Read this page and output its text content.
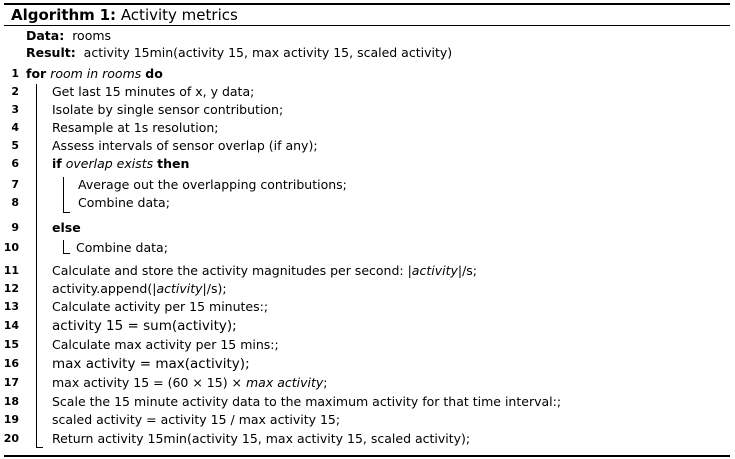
Algorithm 1: Activity metrics
Data: rooms
Result: activity 15min(activity 15, max activity 15, scaled activity)
1 for room in rooms do
2	Get last 15 minutes of x, y data;
3	Isolate by single sensor contribution;
4	Resample at 1s resolution;
5	Assess intervals of sensor overlap (if any);
6	if overlap exists then
7	Average out the overlapping contributions;
8	Combine data;
9	else
10	Combine data;
11	Calculate and store the activity magnitudes per second: |activity|/s;
12	activity.append(|activity|/s);
13	Calculate activity per 15 minutes:;
14 activity 15 = sum(activity);
15	Calculate max activity per 15 mins:;
16 max activity = max(activity);
17	max activity 15 = (60 × 15) × max activity;
18	Scale the 15 minute activity data to the maximum activity for that time interval:;
19	scaled activity = activity 15 / max activity 15;
20	Return activity 15min(activity 15, max activity 15, scaled activity);
